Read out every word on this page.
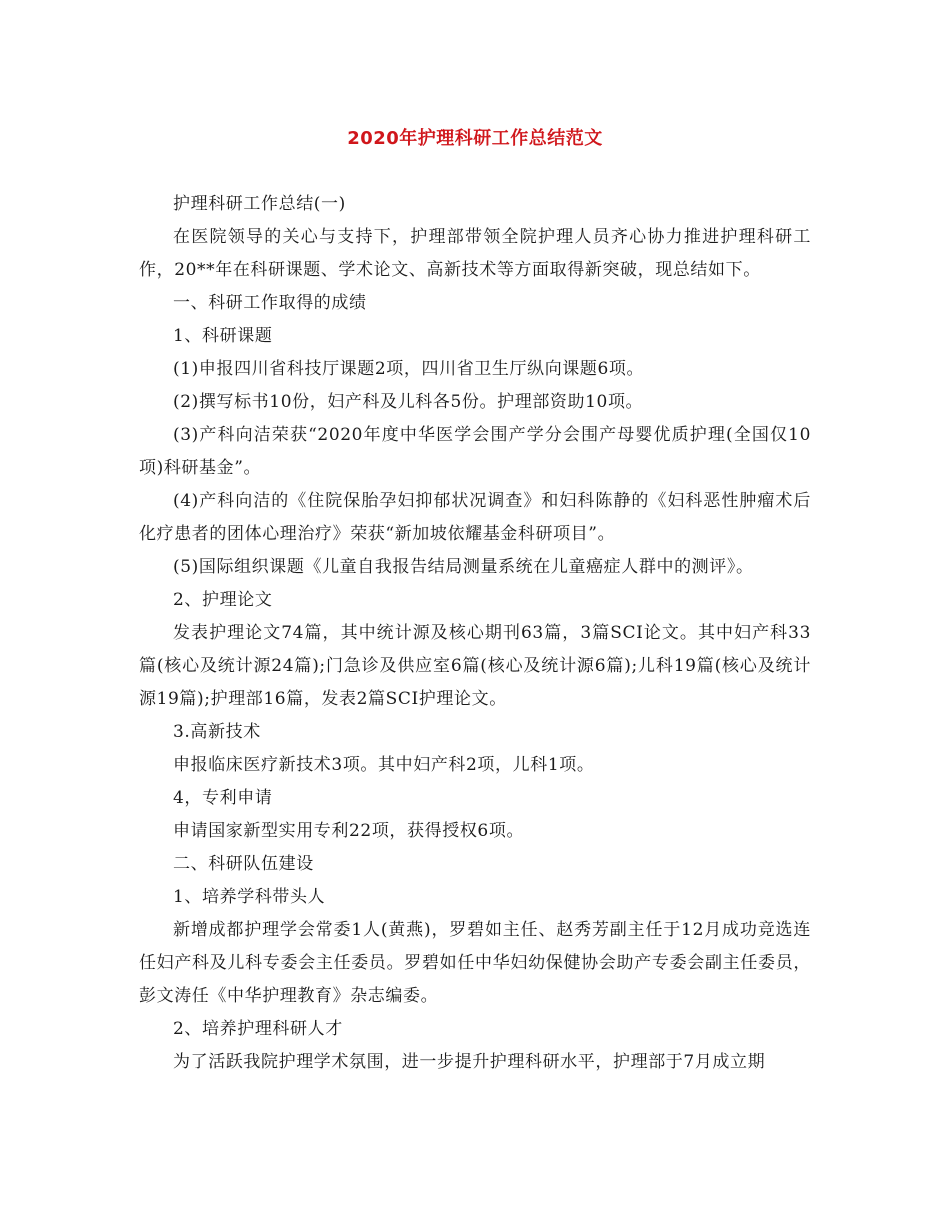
2020年护理科研工作总结范文

护理科研工作总结(一)

在医院领导的关心与支持下，护理部带领全院护理人员齐心协力推进护理科研工作，20**年在科研课题、学术论文、高新技术等方面取得新突破，现总结如下。

一、科研工作取得的成绩

1、科研课题

(1)申报四川省科技厅课题2项，四川省卫生厅纵向课题6项。

(2)撰写标书10份，妇产科及儿科各5份。护理部资助10项。

(3)产科向洁荣获“2020年度中华医学会围产学分会围产母婴优质护理(全国仅10项)科研基金”。

(4)产科向洁的《住院保胎孕妇抑郁状况调查》和妇科陈静的《妇科恶性肿瘤术后化疗患者的团体心理治疗》荣获“新加坡依耀基金科研项目”。

(5)国际组织课题《儿童自我报告结局测量系统在儿童癌症人群中的测评》。

2、护理论文

发表护理论文74篇，其中统计源及核心期刊63篇，3篇SCI论文。其中妇产科33篇(核心及统计源24篇);门急诊及供应室6篇(核心及统计源6篇);儿科19篇(核心及统计源19篇);护理部16篇，发表2篇SCI护理论文。

3.高新技术

申报临床医疗新技术3项。其中妇产科2项，儿科1项。

4，专利申请

申请国家新型实用专利22项，获得授权6项。

二、科研队伍建设

1、培养学科带头人

新增成都护理学会常委1人(黄燕)，罗碧如主任、赵秀芳副主任于12月成功竞选连任妇产科及儿科专委会主任委员。罗碧如任中华妇幼保健协会助产专委会副主任委员，彭文涛任《中华护理教育》杂志编委。

2、培养护理科研人才

为了活跃我院护理学术氛围，进一步提升护理科研水平，护理部于7月成立期
